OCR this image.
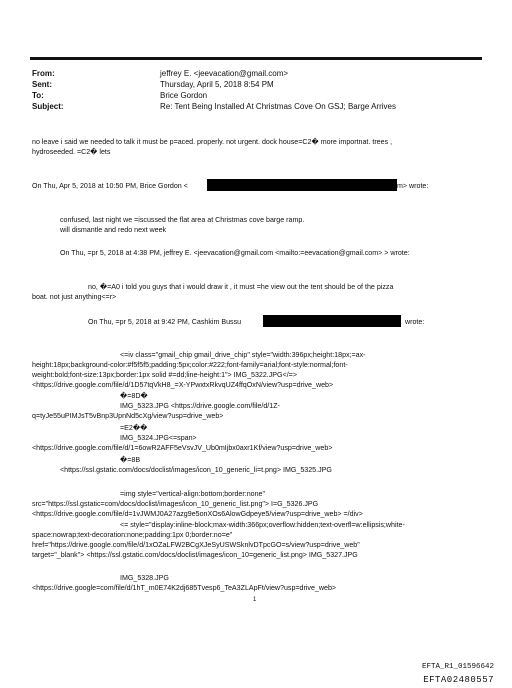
From:	jeffrey E. <jeevacation@gmail.com>
Sent:	Thursday, April 5, 2018 8:54 PM
To:	Brice Gordon
Subject:	Re: Tent Being Installed At Christmas Cove On GSJ; Barge Arrives
no leave i said we needed to talk it must be p=aced. properly. not urgent. dock house=C2� more importnat. trees ,
hydroseeded. =C2� lets
On Thu, Apr 5, 2018 at 10:50 PM, Brice Gordon <	m> wrote:
confused, last night we =iscussed the flat area at Christmas cove barge ramp.
will dismantle and redo next week
On Thu, =pr 5, 2018 at 4:38 PM, jeffrey E. <jeevacation@gmail.com <mailto:=eevacation@gmail.com> > wrote:
no, �=A0 i told you guys that i would draw it , it must =he view out the tent should be of the pizza
boat. not just anything<=r>
On Thu, =pr 5, 2018 at 9:42 PM, Cashkim Bussu	wrote:
<=iv class="gmail_chip gmail_drive_chip" style="width:396px;height:18px;=ax-
height:18px;background-color:#f5f5f5;padding:5px;color:#222;font-family=arial;font-style:normal;font-
weight:bold;font-size:13px;border:1px solid #=dd;line-height:1"> IMG_5322.JPG</=>
<https://drive.google.com/file/d/1D57tqVkH8_=X-YPwxtxRkvqUZ4ffqOxN/view?usp=drive_web>
�=8D�
IMG_5323.JPG <https://drive.google.com/file/d/1Z-
q=tyJe55uPIMJsT5vBnp3UpnNd5cXg/view?usp=drive_web>
=E2��
IMG_5324.JPG<=span>
<https://drive.google.com/file/d/1=6owR2AFF5eVsvJV_Ub0mIjbx0axr1Kf/view?usp=drive_web>
�=8B
<https://ssl.gstatic.com/docs/doclist/images/icon_10_generic_li=t.png> IMG_5325.JPG
=img style="vertical-align:bottom;border:none"
src="https://ssl.gstatic=com/docs/doclist/images/icon_10_generic_list.png"> I=G_5326.JPG
<https://drive.google.com/file/d=1vJWMJ0A27azg9e5onXOs6AlowGdpeye5/view?usp=drive_web> =/div>
<= style="display:inline-block;max-width:366px;overflow:hidden;text-overfl=w:ellipsis;white-
space:nowrap;text-decoration:none;padding:1px 0;border:no=e"
href="https://drive.google.com/file/d/1xOZaLFW2BCgXJeSyUSWSknlvDTpcGO=s/view?usp=drive_web"
target="_blank"> <https://ssl.gstatic.com/docs/doclist/images/icon_10=generic_list.png> IMG_5327.JPG
IMG_5328.JPG
<https://drive.google=com/file/d/1hT_m0E74K2dj685Tvesp6_TeA3ZLApFt/view?usp=drive_web>
1
EFTA_R1_01596642
EFTA02480557
